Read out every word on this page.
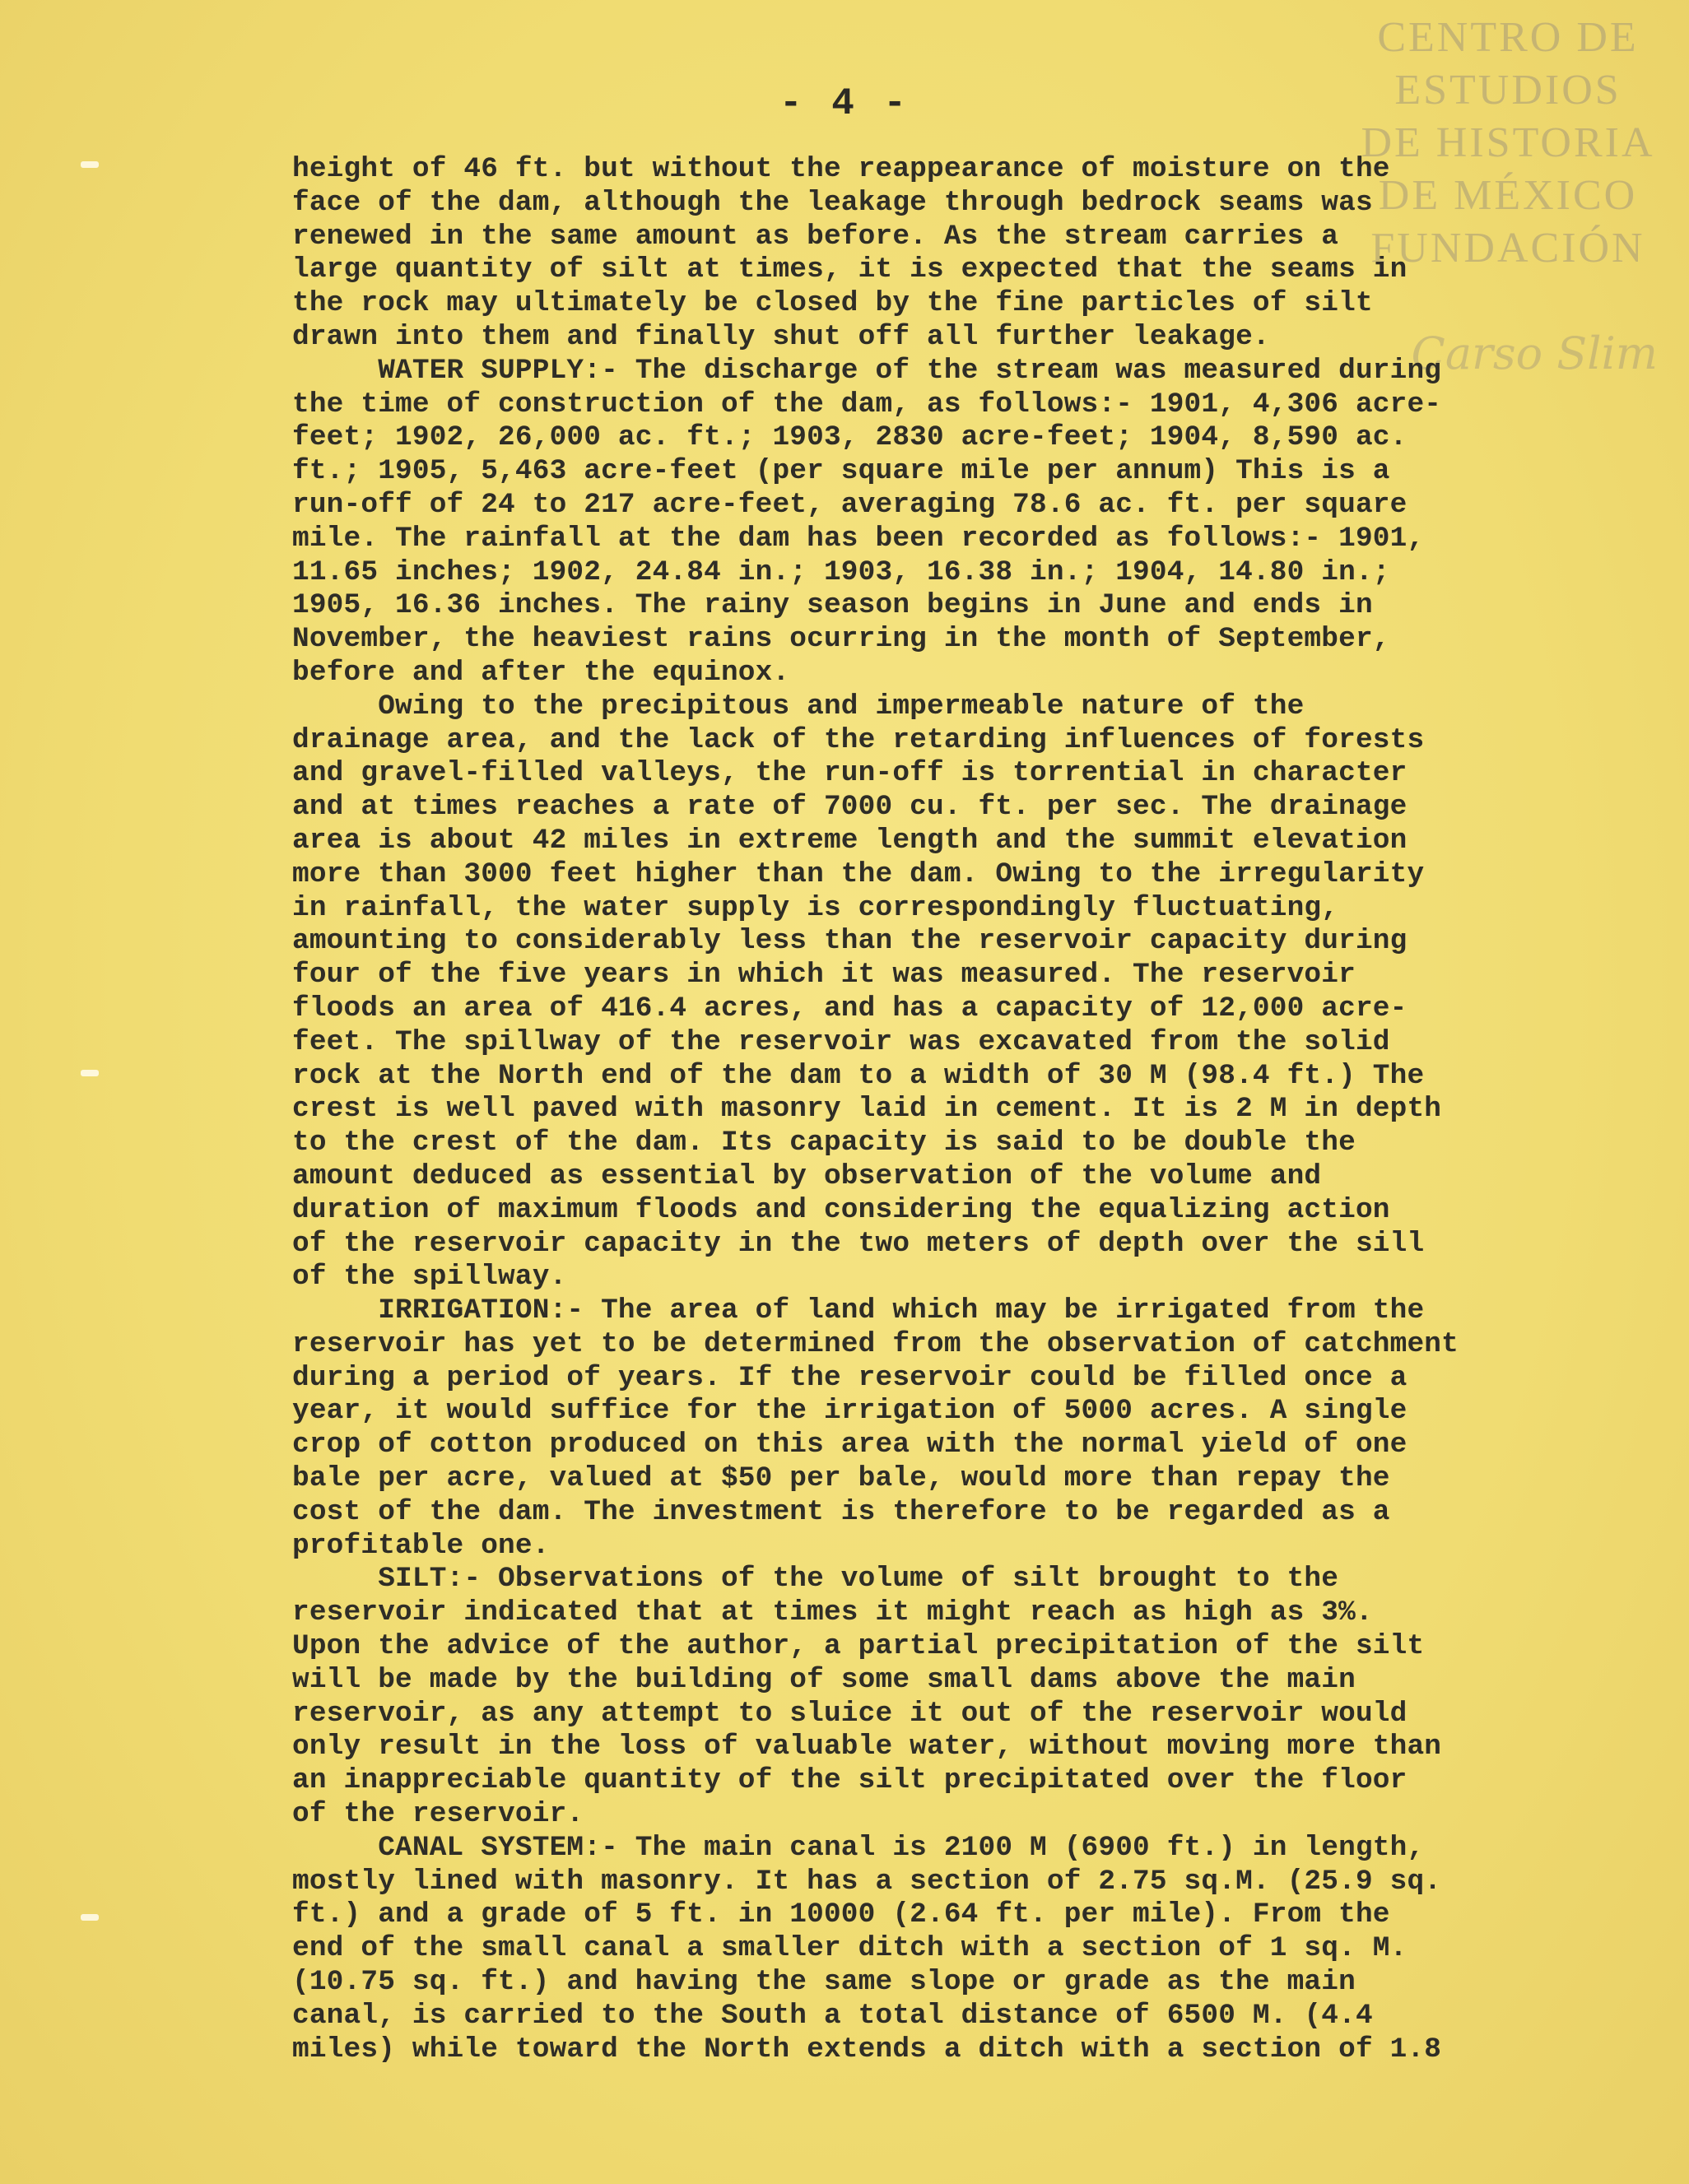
CENTRO DE
ESTUDIOS
DE HISTORIA
DE MÉXICO
FUNDACIÓN
Carso Slim
- 4 -
height of 46 ft. but without the reappearance of moisture on the
face of the dam, although the leakage through bedrock seams was
renewed in the same amount as before. As the stream carries a
large quantity of silt at times, it is expected that the seams in
the rock may ultimately be closed by the fine particles of silt
drawn into them and finally shut off all further leakage.
WATER SUPPLY:- The discharge of the stream was measured during
the time of construction of the dam, as follows:- 1901, 4,306 acre-
feet; 1902, 26,000 ac. ft.; 1903, 2830 acre-feet; 1904, 8,590 ac.
ft.; 1905, 5,463 acre-feet (per square mile per annum) This is a
run-off of 24 to 217 acre-feet, averaging 78.6 ac. ft. per square
mile. The rainfall at the dam has been recorded as follows:- 1901,
11.65 inches; 1902, 24.84 in.; 1903, 16.38 in.; 1904, 14.80 in.;
1905, 16.36 inches. The rainy season begins in June and ends in
November, the heaviest rains ocurring in the month of September,
before and after the equinox.
Owing to the precipitous and impermeable nature of the
drainage area, and the lack of the retarding influences of forests
and gravel-filled valleys, the run-off is torrential in character
and at times reaches a rate of 7000 cu. ft. per sec. The drainage
area is about 42 miles in extreme length and the summit elevation
more than 3000 feet higher than the dam. Owing to the irregularity
in rainfall, the water supply is correspondingly fluctuating,
amounting to considerably less than the reservoir capacity during
four of the five years in which it was measured. The reservoir
floods an area of 416.4 acres, and has a capacity of 12,000 acre-
feet. The spillway of the reservoir was excavated from the solid
rock at the North end of the dam to a width of 30 M (98.4 ft.) The
crest is well paved with masonry laid in cement. It is 2 M in depth
to the crest of the dam. Its capacity is said to be double the
amount deduced as essential by observation of the volume and
duration of maximum floods and considering the equalizing action
of the reservoir capacity in the two meters of depth over the sill
of the spillway.
IRRIGATION:- The area of land which may be irrigated from the
reservoir has yet to be determined from the observation of catchment
during a period of years. If the reservoir could be filled once a
year, it would suffice for the irrigation of 5000 acres. A single
crop of cotton produced on this area with the normal yield of one
bale per acre, valued at $50 per bale, would more than repay the
cost of the dam. The investment is therefore to be regarded as a
profitable one.
SILT:- Observations of the volume of silt brought to the
reservoir indicated that at times it might reach as high as 3%.
Upon the advice of the author, a partial precipitation of the silt
will be made by the building of some small dams above the main
reservoir, as any attempt to sluice it out of the reservoir would
only result in the loss of valuable water, without moving more than
an inappreciable quantity of the silt precipitated over the floor
of the reservoir.
CANAL SYSTEM:- The main canal is 2100 M (6900 ft.) in length,
mostly lined with masonry. It has a section of 2.75 sq.M. (25.9 sq.
ft.) and a grade of 5 ft. in 10000 (2.64 ft. per mile). From the
end of the small canal a smaller ditch with a section of 1 sq. M.
(10.75 sq. ft.) and having the same slope or grade as the main
canal, is carried to the South a total distance of 6500 M. (4.4
miles) while toward the North extends a ditch with a section of 1.8
